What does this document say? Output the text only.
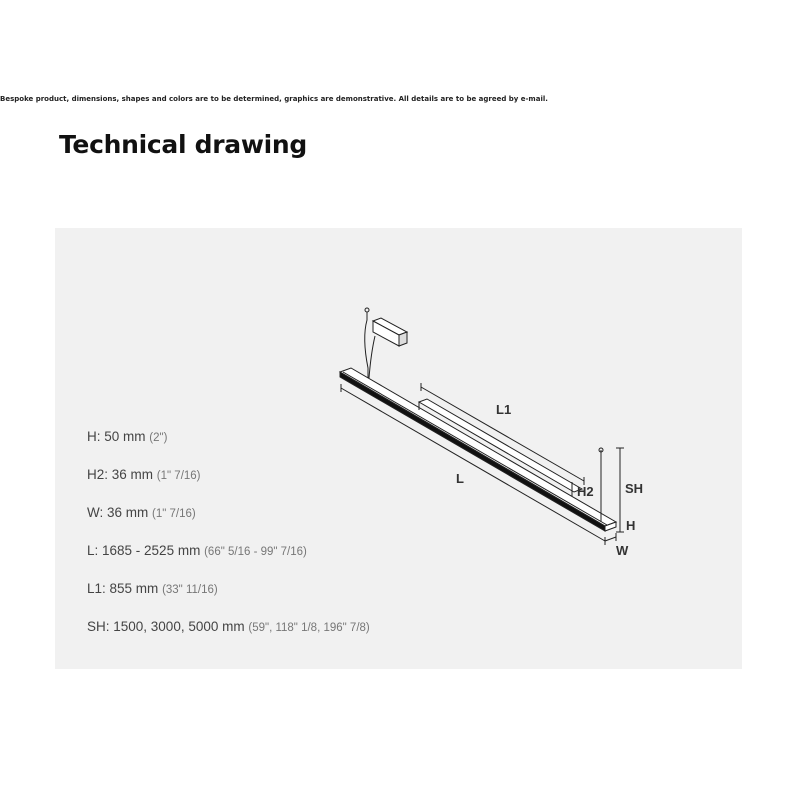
Bespoke product, dimensions, shapes and colors are to be determined, graphics are demonstrative. All details are to be agreed by e-mail.
Technical drawing
H: 50 mm (2")
H2: 36 mm (1" 7/16)
W: 36 mm (1" 7/16)
L: 1685 - 2525 mm (66" 5/16 - 99" 7/16)
L1: 855 mm (33" 11/16)
SH: 1500, 3000, 5000 mm (59", 118" 1/8, 196" 7/8)
L1
L
H2 SH
H
W
